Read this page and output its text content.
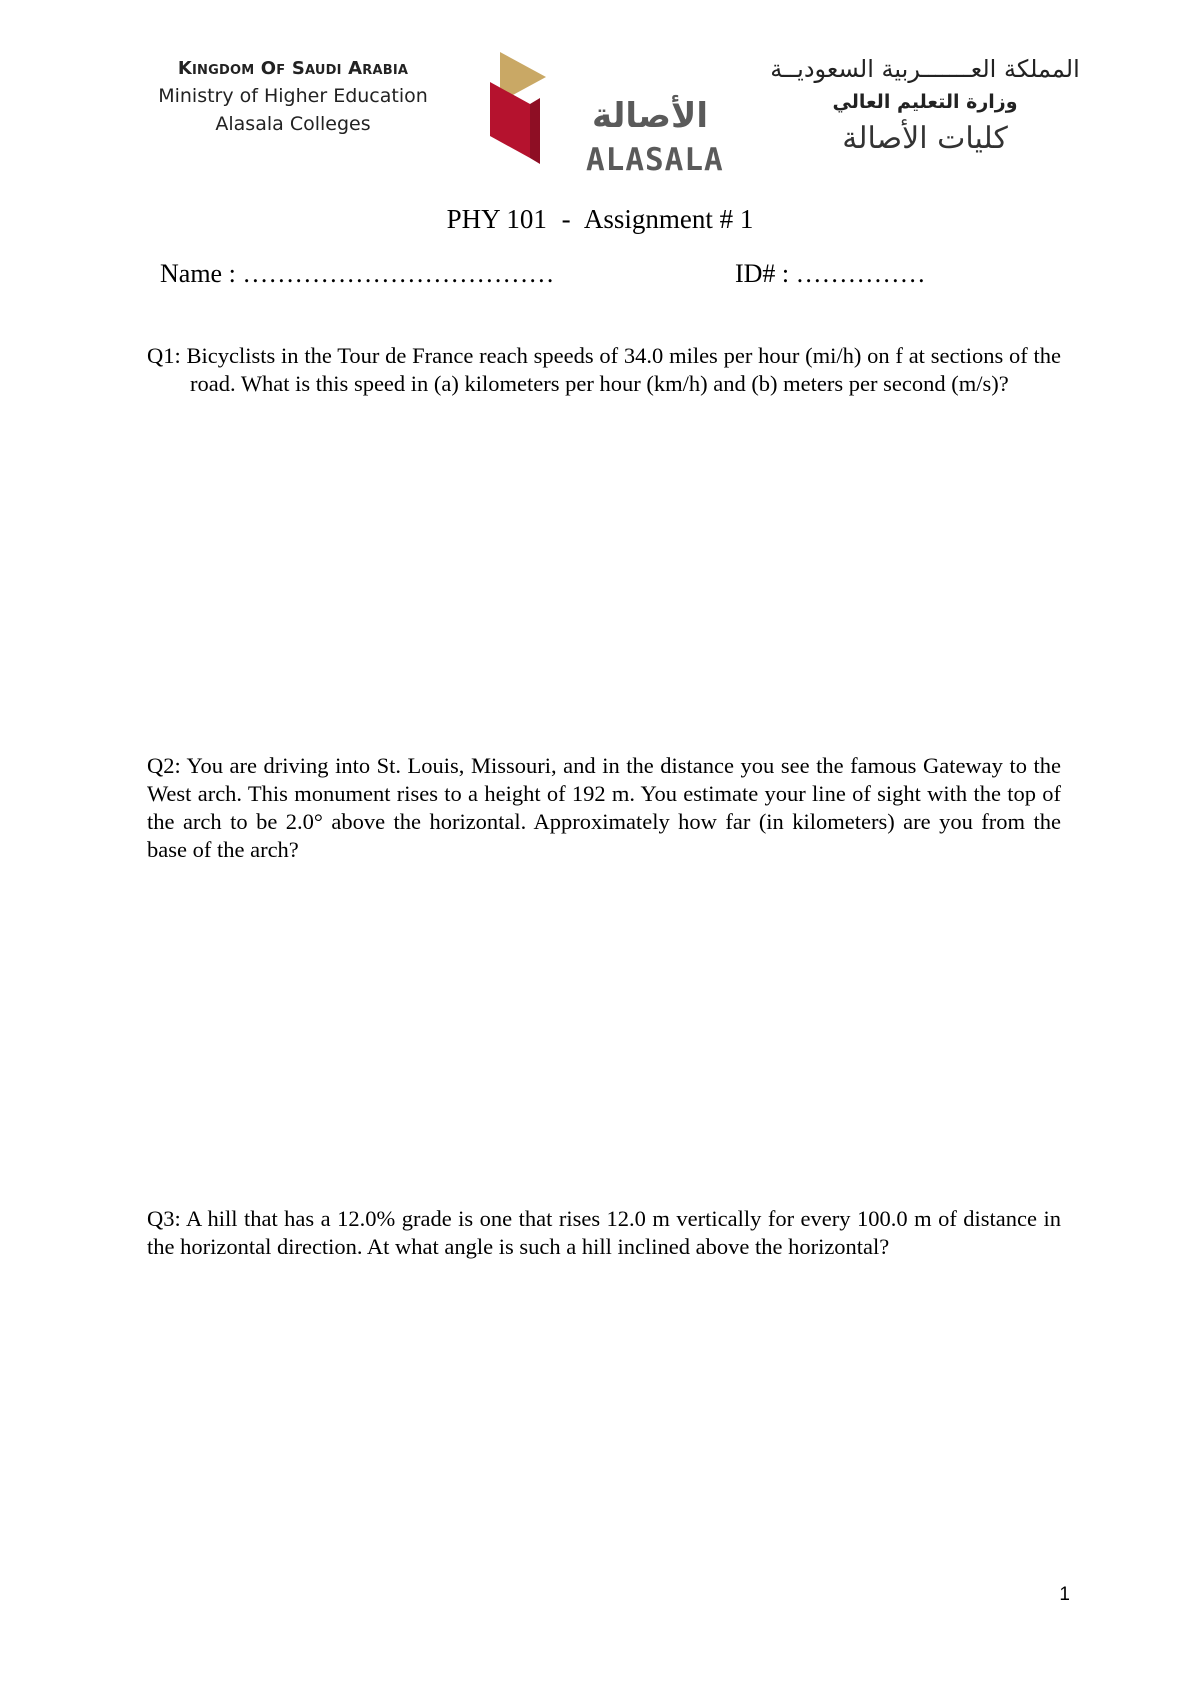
Kingdom Of Saudi Arabia
Ministry of Higher Education
Alasala Colleges	الأصالة
ALASALA
المملكة العـــــــربية السعوديــة
وزارة التعليم العالي
كليات الأصالة
PHY 101 - Assignment # 1
Name : ………………………………	ID# : ……………
Q1: Bicyclists in the Tour de France reach speeds of 34.0 miles per hour (mi/h) on f at sections of the road. What is this speed in (a) kilometers per hour (km/h) and (b) meters per second (m/s)?
Q2: You are driving into St. Louis, Missouri, and in the distance you see the famous Gateway to the West arch. This monument rises to a height of 192 m. You estimate your line of sight with the top of the arch to be 2.0° above the horizontal. Approximately how far (in kilometers) are you from the base of the arch?
Q3: A hill that has a 12.0% grade is one that rises 12.0 m vertically for every 100.0 m of distance in the horizontal direction. At what angle is such a hill inclined above the horizontal?
1
